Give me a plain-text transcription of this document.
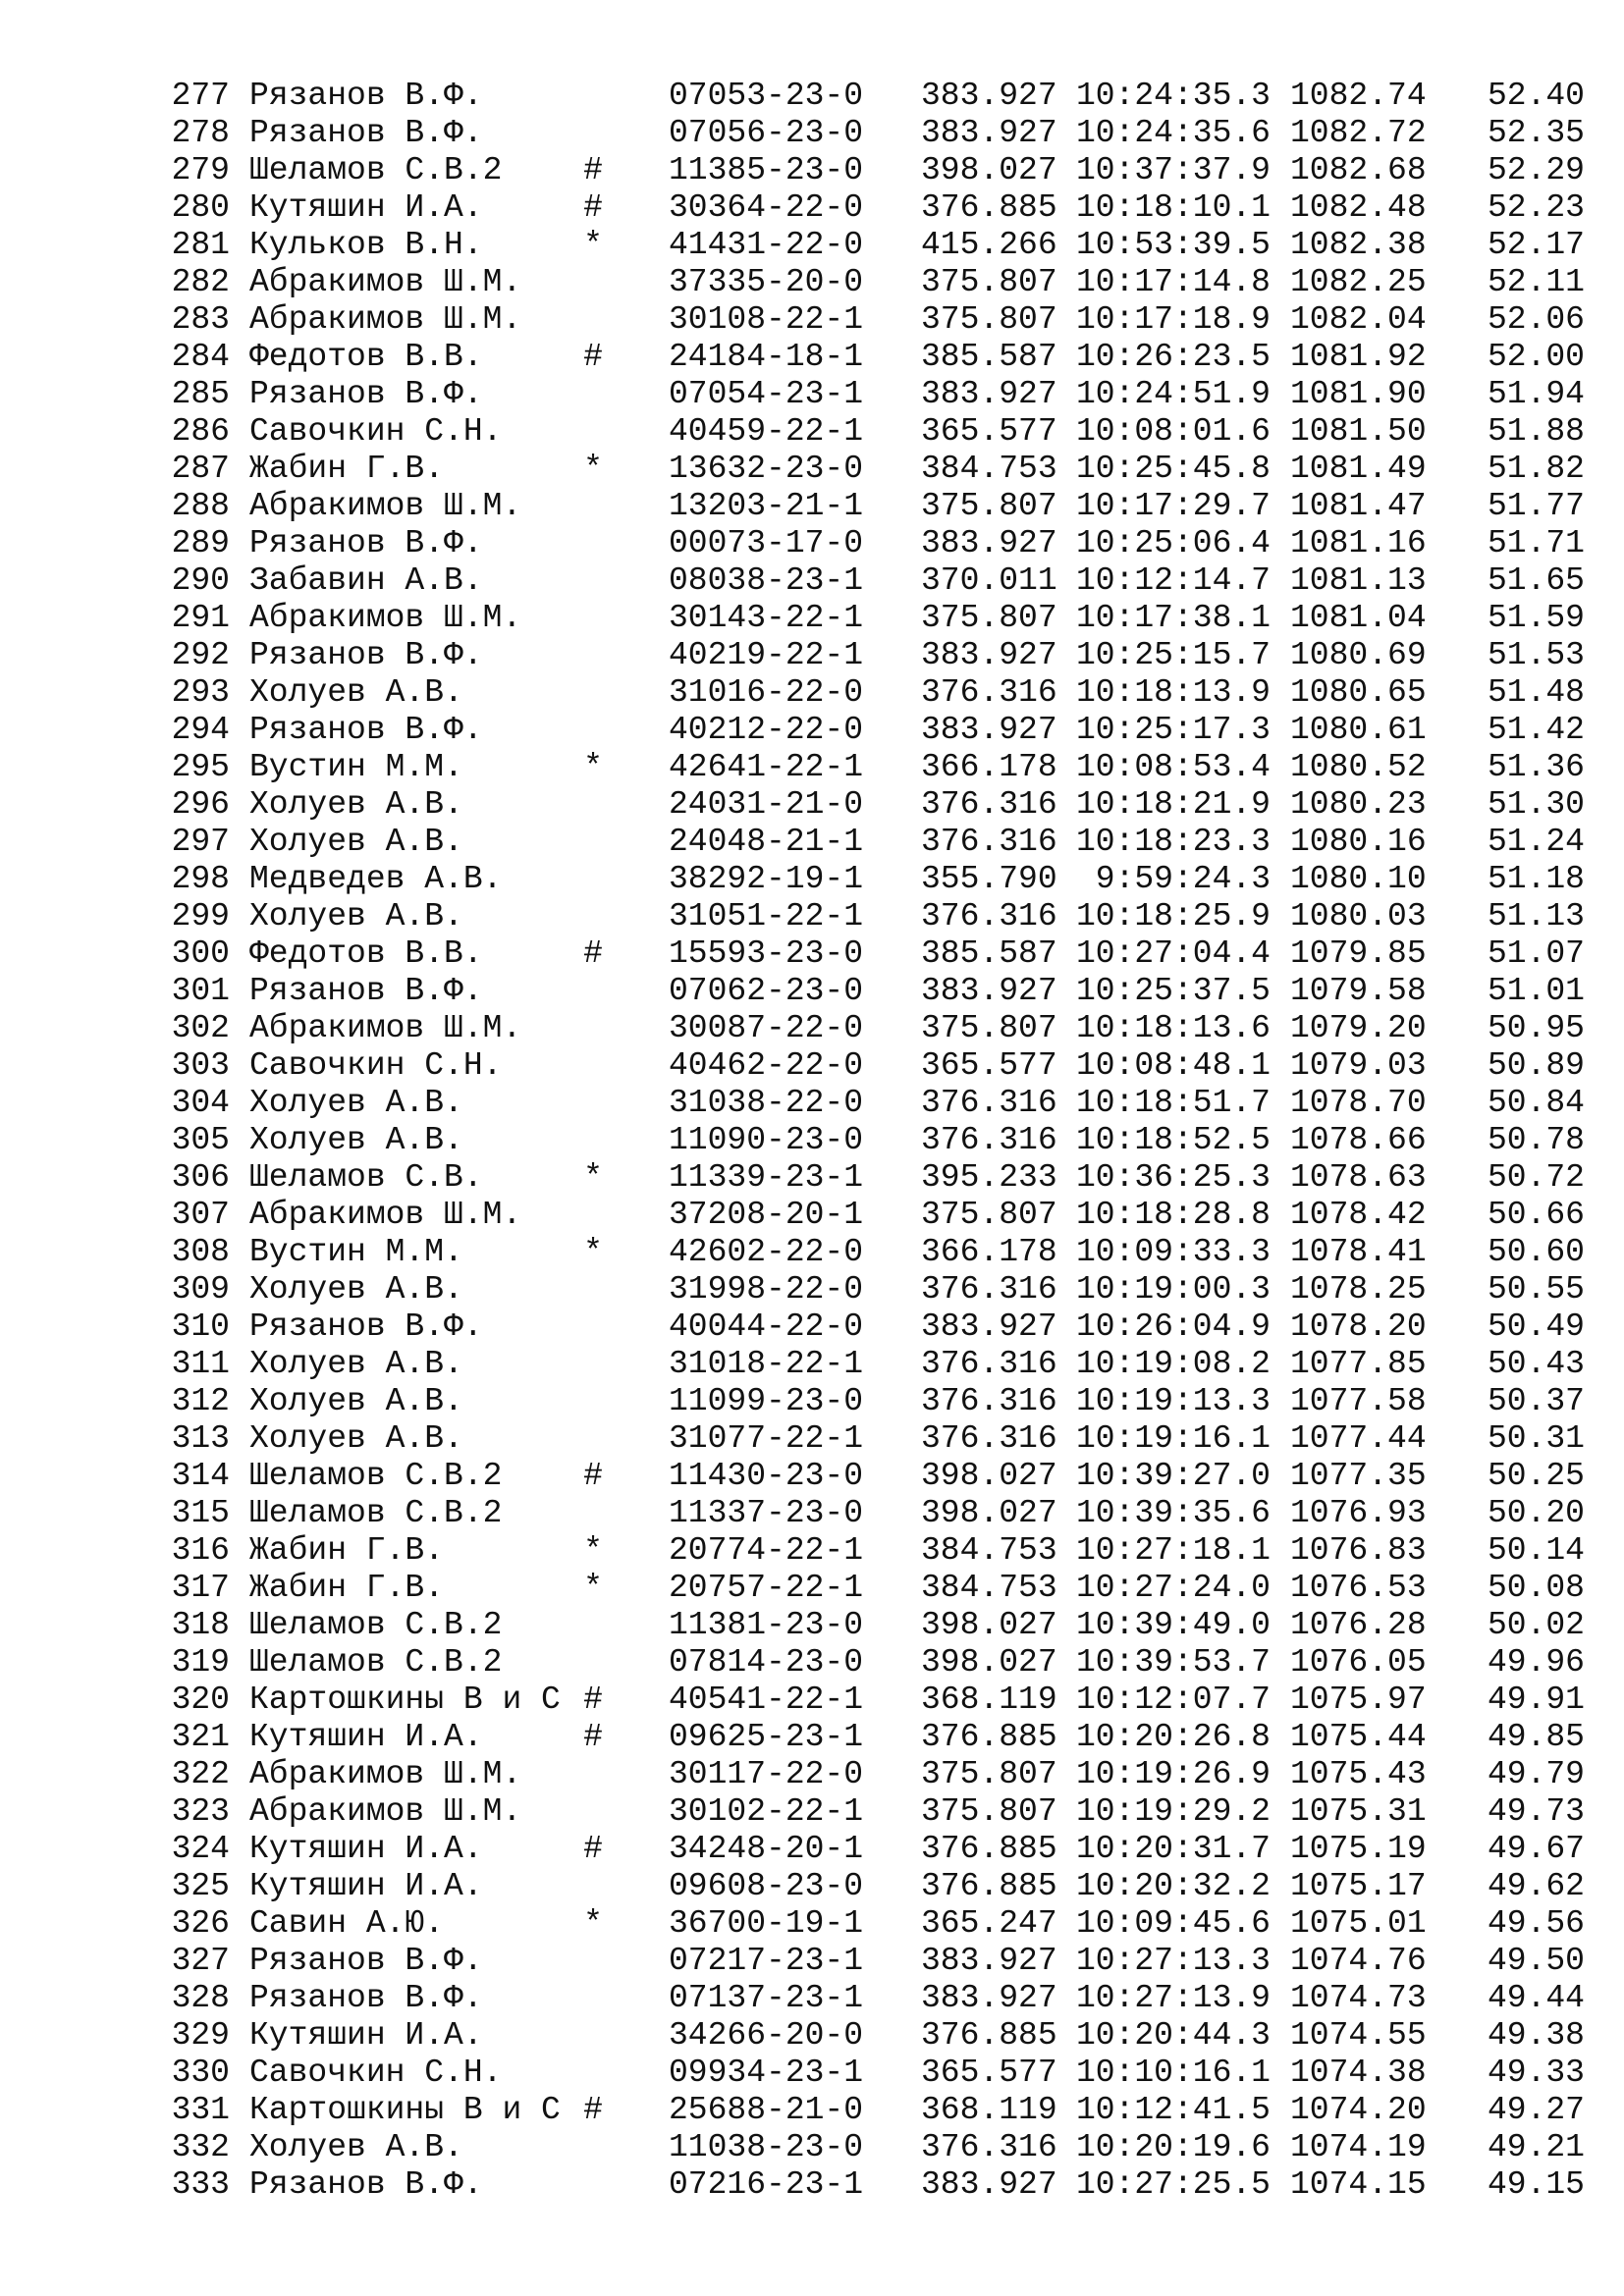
277 Рязанов В.Ф.	07053-23-0 383.927 10:24:35.3 1082.74 52.40
278 Рязанов В.Ф.	07056-23-0 383.927 10:24:35.6 1082.72 52.35
279 Шеламов С.В.2	# 11385-23-0 398.027 10:37:37.9 1082.68 52.29
280 Кутяшин И.А.	# 30364-22-0 376.885 10:18:10.1 1082.48 52.23
281 Кульков В.Н.	* 41431-22-0 415.266 10:53:39.5 1082.38 52.17
282 Абракимов Ш.М.	37335-20-0 375.807 10:17:14.8 1082.25 52.11
283 Абракимов Ш.М.	30108-22-1 375.807 10:17:18.9 1082.04 52.06
284 Федотов В.В.	# 24184-18-1 385.587 10:26:23.5 1081.92 52.00
285 Рязанов В.Ф.	07054-23-1 383.927 10:24:51.9 1081.90 51.94
286 Савочкин С.Н.	40459-22-1 365.577 10:08:01.6 1081.50 51.88
287 Жабин Г.В.	* 13632-23-0 384.753 10:25:45.8 1081.49 51.82
288 Абракимов Ш.М.	13203-21-1 375.807 10:17:29.7 1081.47 51.77
289 Рязанов В.Ф.	00073-17-0 383.927 10:25:06.4 1081.16 51.71
290 Забавин А.В.	08038-23-1 370.011 10:12:14.7 1081.13 51.65
291 Абракимов Ш.М.	30143-22-1 375.807 10:17:38.1 1081.04 51.59
292 Рязанов В.Ф.	40219-22-1 383.927 10:25:15.7 1080.69 51.53
293 Холуев А.В.	31016-22-0 376.316 10:18:13.9 1080.65 51.48
294 Рязанов В.Ф.	40212-22-0 383.927 10:25:17.3 1080.61 51.42
295 Вустин М.М.	* 42641-22-1 366.178 10:08:53.4 1080.52 51.36
296 Холуев А.В.	24031-21-0 376.316 10:18:21.9 1080.23 51.30
297 Холуев А.В.	24048-21-1 376.316 10:18:23.3 1080.16 51.24
298 Медведев А.В.	38292-19-1 355.790	9:59:24.3 1080.10 51.18
299 Холуев А.В.	31051-22-1 376.316 10:18:25.9 1080.03 51.13
300 Федотов В.В.	# 15593-23-0 385.587 10:27:04.4 1079.85 51.07
301 Рязанов В.Ф.	07062-23-0 383.927 10:25:37.5 1079.58 51.01
302 Абракимов Ш.М.	30087-22-0 375.807 10:18:13.6 1079.20 50.95
303 Савочкин С.Н.	40462-22-0 365.577 10:08:48.1 1079.03 50.89
304 Холуев А.В.	31038-22-0 376.316 10:18:51.7 1078.70 50.84
305 Холуев А.В.	11090-23-0 376.316 10:18:52.5 1078.66 50.78
306 Шеламов С.В.	* 11339-23-1 395.233 10:36:25.3 1078.63 50.72
307 Абракимов Ш.М.	37208-20-1 375.807 10:18:28.8 1078.42 50.66
308 Вустин М.М.	* 42602-22-0 366.178 10:09:33.3 1078.41 50.60
309 Холуев А.В.	31998-22-0 376.316 10:19:00.3 1078.25 50.55
310 Рязанов В.Ф.	40044-22-0 383.927 10:26:04.9 1078.20 50.49
311 Холуев А.В.	31018-22-1 376.316 10:19:08.2 1077.85 50.43
312 Холуев А.В.	11099-23-0 376.316 10:19:13.3 1077.58 50.37
313 Холуев А.В.	31077-22-1 376.316 10:19:16.1 1077.44 50.31
314 Шеламов С.В.2	# 11430-23-0 398.027 10:39:27.0 1077.35 50.25
315 Шеламов С.В.2	11337-23-0 398.027 10:39:35.6 1076.93 50.20
316 Жабин Г.В.	* 20774-22-1 384.753 10:27:18.1 1076.83 50.14
317 Жабин Г.В.	* 20757-22-1 384.753 10:27:24.0 1076.53 50.08
318 Шеламов С.В.2	11381-23-0 398.027 10:39:49.0 1076.28 50.02
319 Шеламов С.В.2	07814-23-0 398.027 10:39:53.7 1076.05 49.96
320 Картошкины В и С # 40541-22-1 368.119 10:12:07.7 1075.97 49.91
321 Кутяшин И.А.	# 09625-23-1 376.885 10:20:26.8 1075.44 49.85
322 Абракимов Ш.М.	30117-22-0 375.807 10:19:26.9 1075.43 49.79
323 Абракимов Ш.М.	30102-22-1 375.807 10:19:29.2 1075.31 49.73
324 Кутяшин И.А.	# 34248-20-1 376.885 10:20:31.7 1075.19 49.67
325 Кутяшин И.А.	09608-23-0 376.885 10:20:32.2 1075.17 49.62
326 Савин А.Ю.	* 36700-19-1 365.247 10:09:45.6 1075.01 49.56
327 Рязанов В.Ф.	07217-23-1 383.927 10:27:13.3 1074.76 49.50
328 Рязанов В.Ф.	07137-23-1 383.927 10:27:13.9 1074.73 49.44
329 Кутяшин И.А.	34266-20-0 376.885 10:20:44.3 1074.55 49.38
330 Савочкин С.Н.	09934-23-1 365.577 10:10:16.1 1074.38 49.33
331 Картошкины В и С # 25688-21-0 368.119 10:12:41.5 1074.20 49.27
332 Холуев А.В.	11038-23-0 376.316 10:20:19.6 1074.19 49.21
333 Рязанов В.Ф.	07216-23-1 383.927 10:27:25.5 1074.15 49.15
